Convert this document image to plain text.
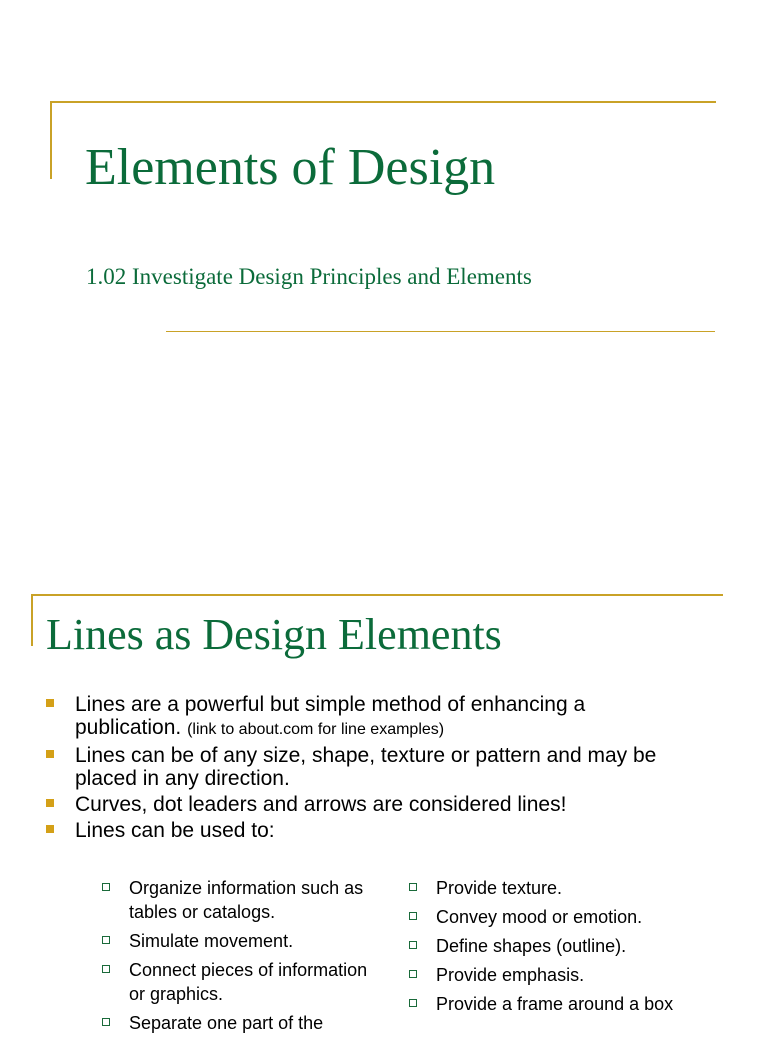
Elements of Design
1.02 Investigate Design Principles and Elements
Lines as Design Elements
Lines are a powerful but simple method of enhancing a publication. (link to about.com for line examples)
Lines can be of any size, shape, texture or pattern and may be placed in any direction.
Curves, dot leaders and arrows are considered lines!
Lines can be used to:
Organize information such as tables or catalogs.
Simulate movement.
Connect pieces of information or graphics.
Separate one part of the
Provide texture.
Convey mood or emotion.
Define shapes (outline).
Provide emphasis.
Provide a frame around a box
